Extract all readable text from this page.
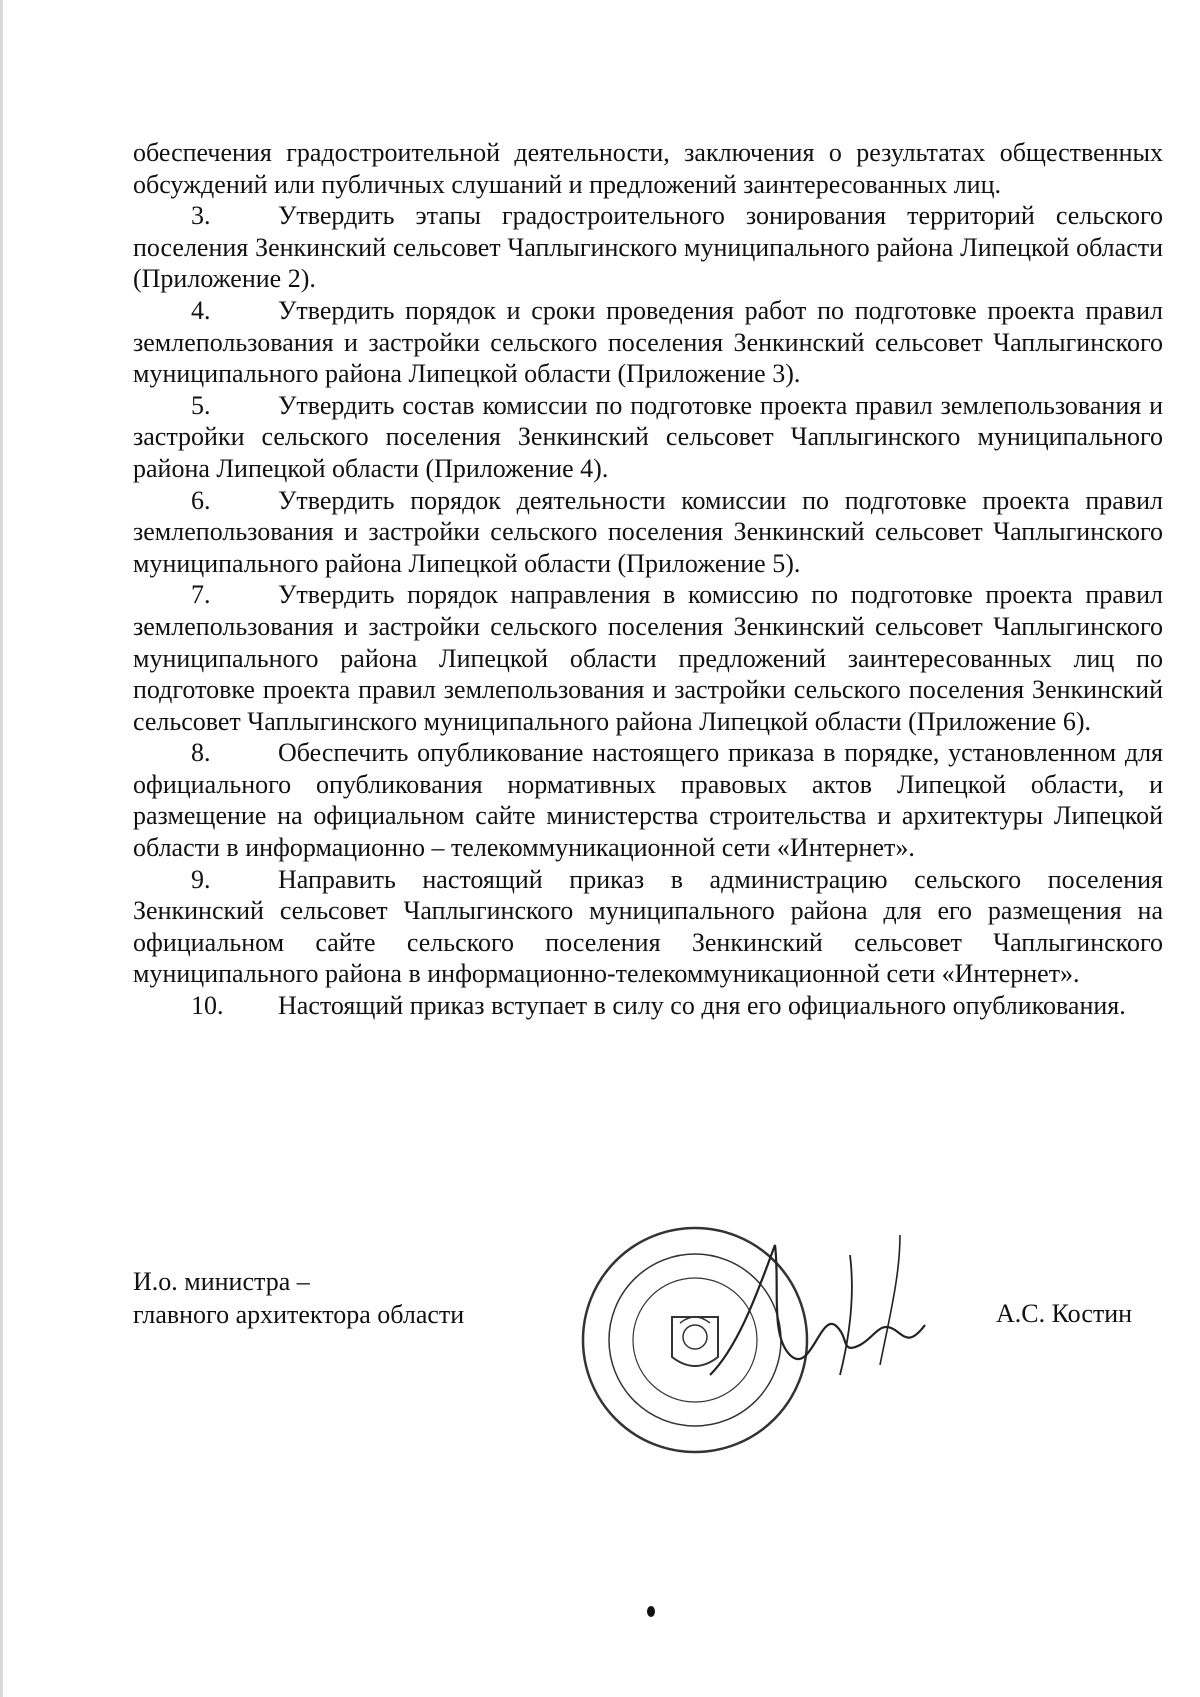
обеспечения градостроительной деятельности, заключения о результатах общественных обсуждений или публичных слушаний и предложений заинтересованных лиц.

3.	Утвердить этапы градостроительного зонирования территорий сельского поселения Зенкинский сельсовет Чаплыгинского муниципального района Липецкой области (Приложение 2).

4.	Утвердить порядок и сроки проведения работ по подготовке проекта правил землепользования и застройки сельского поселения Зенкинский сельсовет Чаплыгинского муниципального района Липецкой области (Приложение 3).

5.	Утвердить состав комиссии по подготовке проекта правил землепользования и застройки сельского поселения Зенкинский сельсовет Чаплыгинского муниципального района Липецкой области (Приложение 4).

6.	Утвердить порядок деятельности комиссии по подготовке проекта правил землепользования и застройки сельского поселения Зенкинский сельсовет Чаплыгинского муниципального района Липецкой области (Приложение 5).

7.	Утвердить порядок направления в комиссию по подготовке проекта правил землепользования и застройки сельского поселения Зенкинский сельсовет Чаплыгинского муниципального района Липецкой области предложений заинтересованных лиц по подготовке проекта правил землепользования и застройки сельского поселения Зенкинский сельсовет Чаплыгинского муниципального района Липецкой области (Приложение 6).

8.	Обеспечить опубликование настоящего приказа в порядке, установленном для официального опубликования нормативных правовых актов Липецкой области, и размещение на официальном сайте министерства строительства и архитектуры Липецкой области в информационно – телекоммуникационной сети «Интернет».

9.	Направить настоящий приказ в администрацию сельского поселения Зенкинский сельсовет Чаплыгинского муниципального района для его размещения на официальном сайте сельского поселения Зенкинский сельсовет Чаплыгинского муниципального района в информационно-телекоммуникационной сети «Интернет».

10. Настоящий приказ вступает в силу со дня его официального опубликования.

И.о. министра –
главного архитектора области	А.С. Костин
